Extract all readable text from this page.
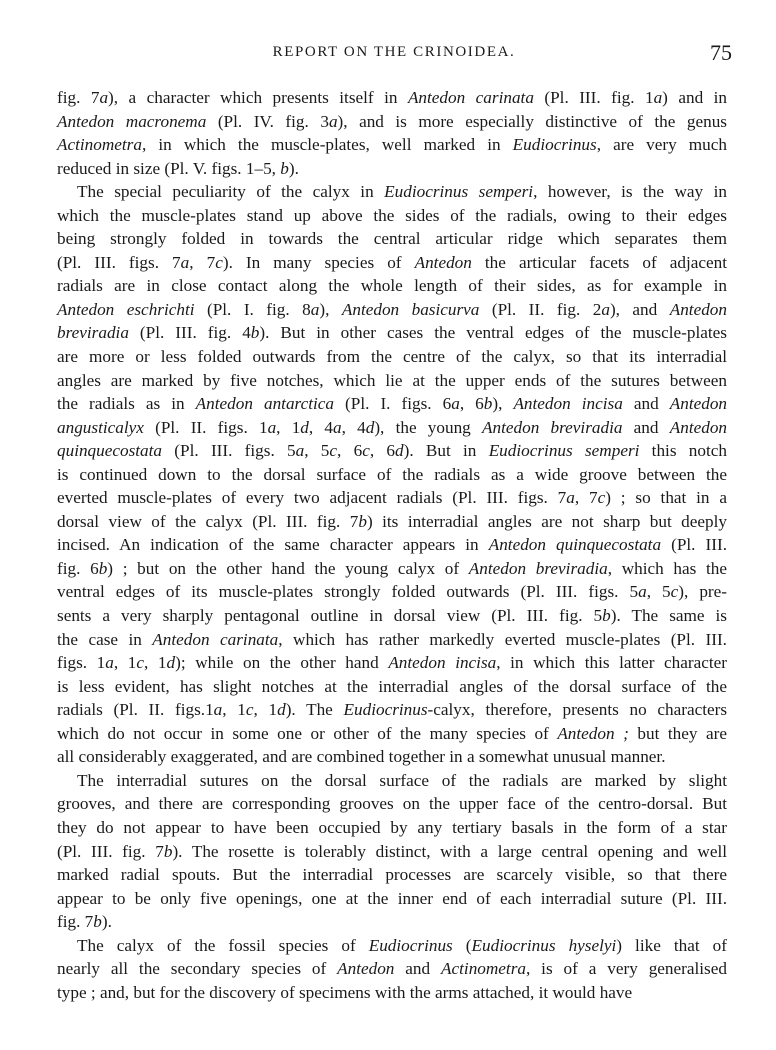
REPORT ON THE CRINOIDEA.	75
fig. 7a), a character which presents itself in Antedon carinata (Pl. III. fig. 1a) and in
Antedon macronema (Pl. IV. fig. 3a), and is more especially distinctive of the genus
Actinometra, in which the muscle-plates, well marked in Eudiocrinus, are very much
reduced in size (Pl. V. figs. 1–5, b).
The special peculiarity of the calyx in Eudiocrinus semperi, however, is the way in
which the muscle-plates stand up above the sides of the radials, owing to their edges
being strongly folded in towards the central articular ridge which separates them
(Pl. III. figs. 7a, 7c). In many species of Antedon the articular facets of adjacent
radials are in close contact along the whole length of their sides, as for example in
Antedon eschrichti (Pl. I. fig. 8a), Antedon basicurva (Pl. II. fig. 2a), and Antedon
breviradia (Pl. III. fig. 4b). But in other cases the ventral edges of the muscle-plates
are more or less folded outwards from the centre of the calyx, so that its interradial
angles are marked by five notches, which lie at the upper ends of the sutures between
the radials as in Antedon antarctica (Pl. I. figs. 6a, 6b), Antedon incisa and Antedon
angusticalyx (Pl. II. figs. 1a, 1d, 4a, 4d), the young Antedon breviradia and Antedon
quinquecostata (Pl. III. figs. 5a, 5c, 6c, 6d). But in Eudiocrinus semperi this notch
is continued down to the dorsal surface of the radials as a wide groove between the
everted muscle-plates of every two adjacent radials (Pl. III. figs. 7a, 7c) ; so that in a
dorsal view of the calyx (Pl. III. fig. 7b) its interradial angles are not sharp but deeply
incised. An indication of the same character appears in Antedon quinquecostata (Pl. III.
fig. 6b) ; but on the other hand the young calyx of Antedon breviradia, which has the
ventral edges of its muscle-plates strongly folded outwards (Pl. III. figs. 5a, 5c), pre-
sents a very sharply pentagonal outline in dorsal view (Pl. III. fig. 5b). The same is
the case in Antedon carinata, which has rather markedly everted muscle-plates (Pl. III.
figs. 1a, 1c, 1d); while on the other hand Antedon incisa, in which this latter character
is less evident, has slight notches at the interradial angles of the dorsal surface of the
radials (Pl. II. figs.1a, 1c, 1d). The Eudiocrinus-calyx, therefore, presents no characters
which do not occur in some one or other of the many species of Antedon ; but they are
all considerably exaggerated, and are combined together in a somewhat unusual manner.
The interradial sutures on the dorsal surface of the radials are marked by slight
grooves, and there are corresponding grooves on the upper face of the centro-dorsal. But
they do not appear to have been occupied by any tertiary basals in the form of a star
(Pl. III. fig. 7b). The rosette is tolerably distinct, with a large central opening and well
marked radial spouts. But the interradial processes are scarcely visible, so that there
appear to be only five openings, one at the inner end of each interradial suture (Pl. III.
fig. 7b).
The calyx of the fossil species of Eudiocrinus (Eudiocrinus hyselyi) like that of
nearly all the secondary species of Antedon and Actinometra, is of a very generalised
type ; and, but for the discovery of specimens with the arms attached, it would have
